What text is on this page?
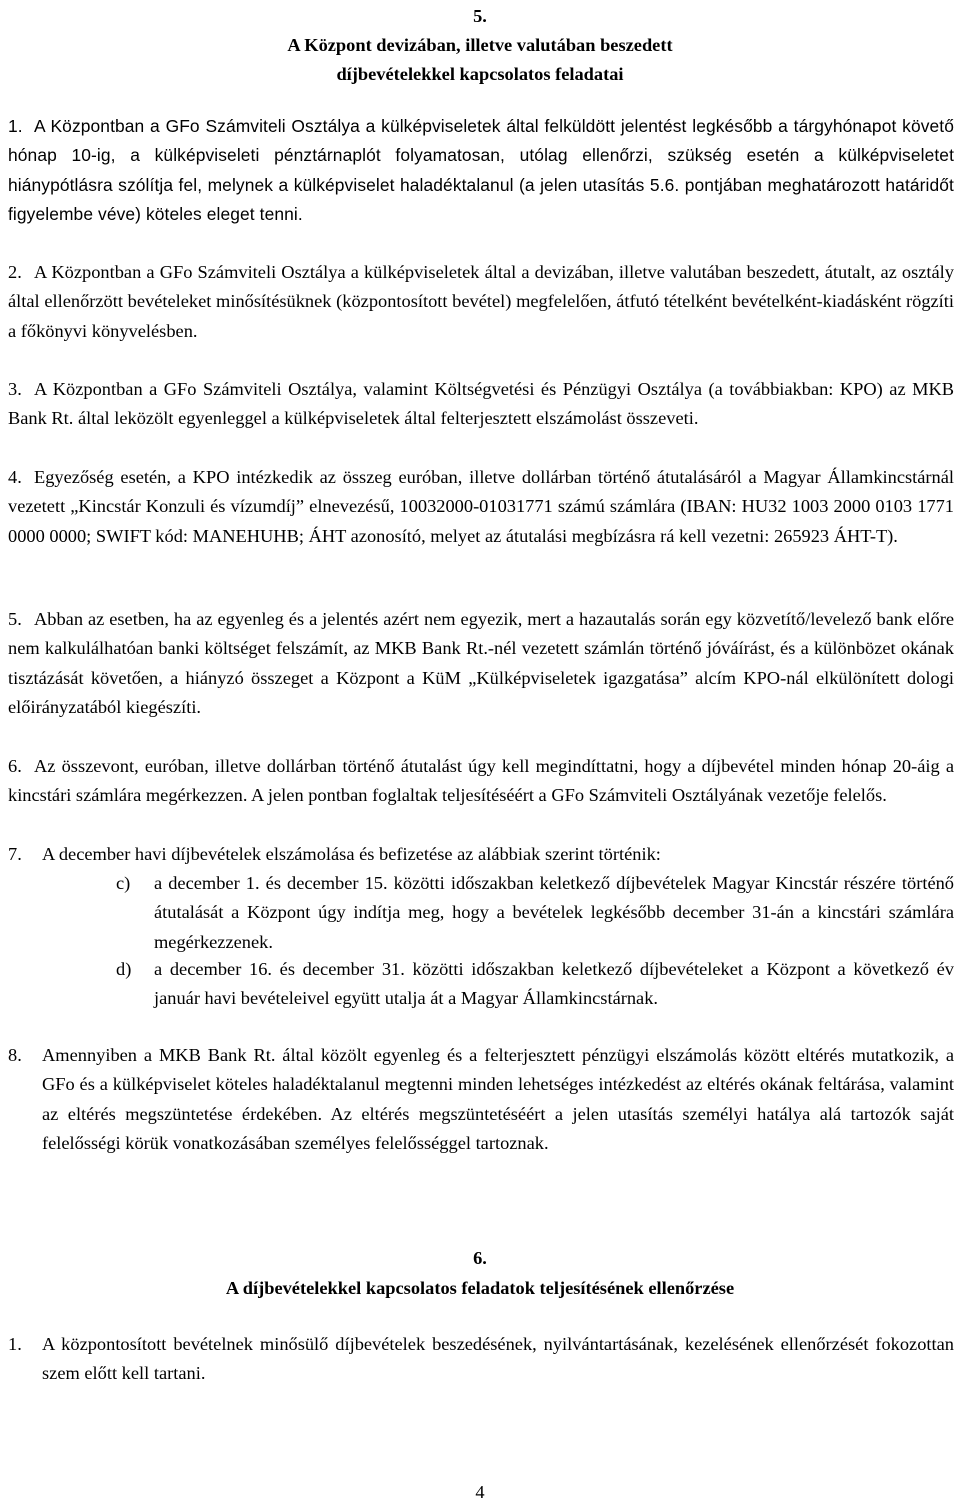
5.
A Központ devizában, illetve valutában beszedett
díjbevételekkel kapcsolatos feladatai
1. A Központban a GFo Számviteli Osztálya a külképviseletek által felküldött jelentést legkésőbb a tárgyhónapot követő hónap 10-ig, a külképviseleti pénztárnaplót folyamatosan, utólag ellenőrzi, szükség esetén a külképviseletet hiánypótlásra szólítja fel, melynek a külképviselet haladéktalanul (a jelen utasítás 5.6. pontjában meghatározott határidőt figyelembe véve) köteles eleget tenni.
2. A Központban a GFo Számviteli Osztálya a külképviseletek által a devizában, illetve valutában beszedett, átutalt, az osztály által ellenőrzött bevételeket minősítésüknek (központosított bevétel) megfelelően, átfutó tételként bevételként-kiadásként rögzíti a főkönyvi könyvelésben.
3. A Központban a GFo Számviteli Osztálya, valamint Költségvetési és Pénzügyi Osztálya (a továbbiakban: KPO) az MKB Bank Rt. által leközölt egyenleggel a külképviseletek által felterjesztett elszámolást összeveti.
4. Egyezőség esetén, a KPO intézkedik az összeg euróban, illetve dollárban történő átutalásáról a Magyar Államkincstárnál vezetett „Kincstár Konzuli és vízumdíj” elnevezésű, 10032000-01031771 számú számlára (IBAN: HU32 1003 2000 0103 1771 0000 0000; SWIFT kód: MANEHUHB; ÁHT azonosító, melyet az átutalási megbízásra rá kell vezetni: 265923 ÁHT-T).
5. Abban az esetben, ha az egyenleg és a jelentés azért nem egyezik, mert a hazautalás során egy közvetítő/levelező bank előre nem kalkulálhatóan banki költséget felszámít, az MKB Bank Rt.-nél vezetett számlán történő jóváírást, és a különbözet okának tisztázását követően, a hiányzó összeget a Központ a KüM „Külképviseletek igazgatása” alcím KPO-nál elkülönített dologi előirányzatából kiegészíti.
6. Az összevont, euróban, illetve dollárban történő átutalást úgy kell megindíttatni, hogy a díjbevétel minden hónap 20-áig a kincstári számlára megérkezzen. A jelen pontban foglaltak teljesítéséért a GFo Számviteli Osztályának vezetője felelős.
7.	A december havi díjbevételek elszámolása és befizetése az alábbiak szerint történik:
c)	a december 1. és december 15. közötti időszakban keletkező díjbevételek Magyar Kincstár részére történő átutalását a Központ úgy indítja meg, hogy a bevételek legkésőbb december 31-án a kincstári számlára megérkezzenek.
d)	a december 16. és december 31. közötti időszakban keletkező díjbevételeket a Központ a következő év január havi bevételeivel együtt utalja át a Magyar Államkincstárnak.
8.	Amennyiben a MKB Bank Rt. által közölt egyenleg és a felterjesztett pénzügyi elszámolás között eltérés mutatkozik, a GFo és a külképviselet köteles haladéktalanul megtenni minden lehetséges intézkedést az eltérés okának feltárása, valamint az eltérés megszüntetése érdekében. Az eltérés megszüntetéséért a jelen utasítás személyi hatálya alá tartozók saját felelősségi körük vonatkozásában személyes felelősséggel tartoznak.
6.
A díjbevételekkel kapcsolatos feladatok teljesítésének ellenőrzése
1.	A központosított bevételnek minősülő díjbevételek beszedésének, nyilvántartásának, kezelésének ellenőrzését fokozottan szem előtt kell tartani.
4
